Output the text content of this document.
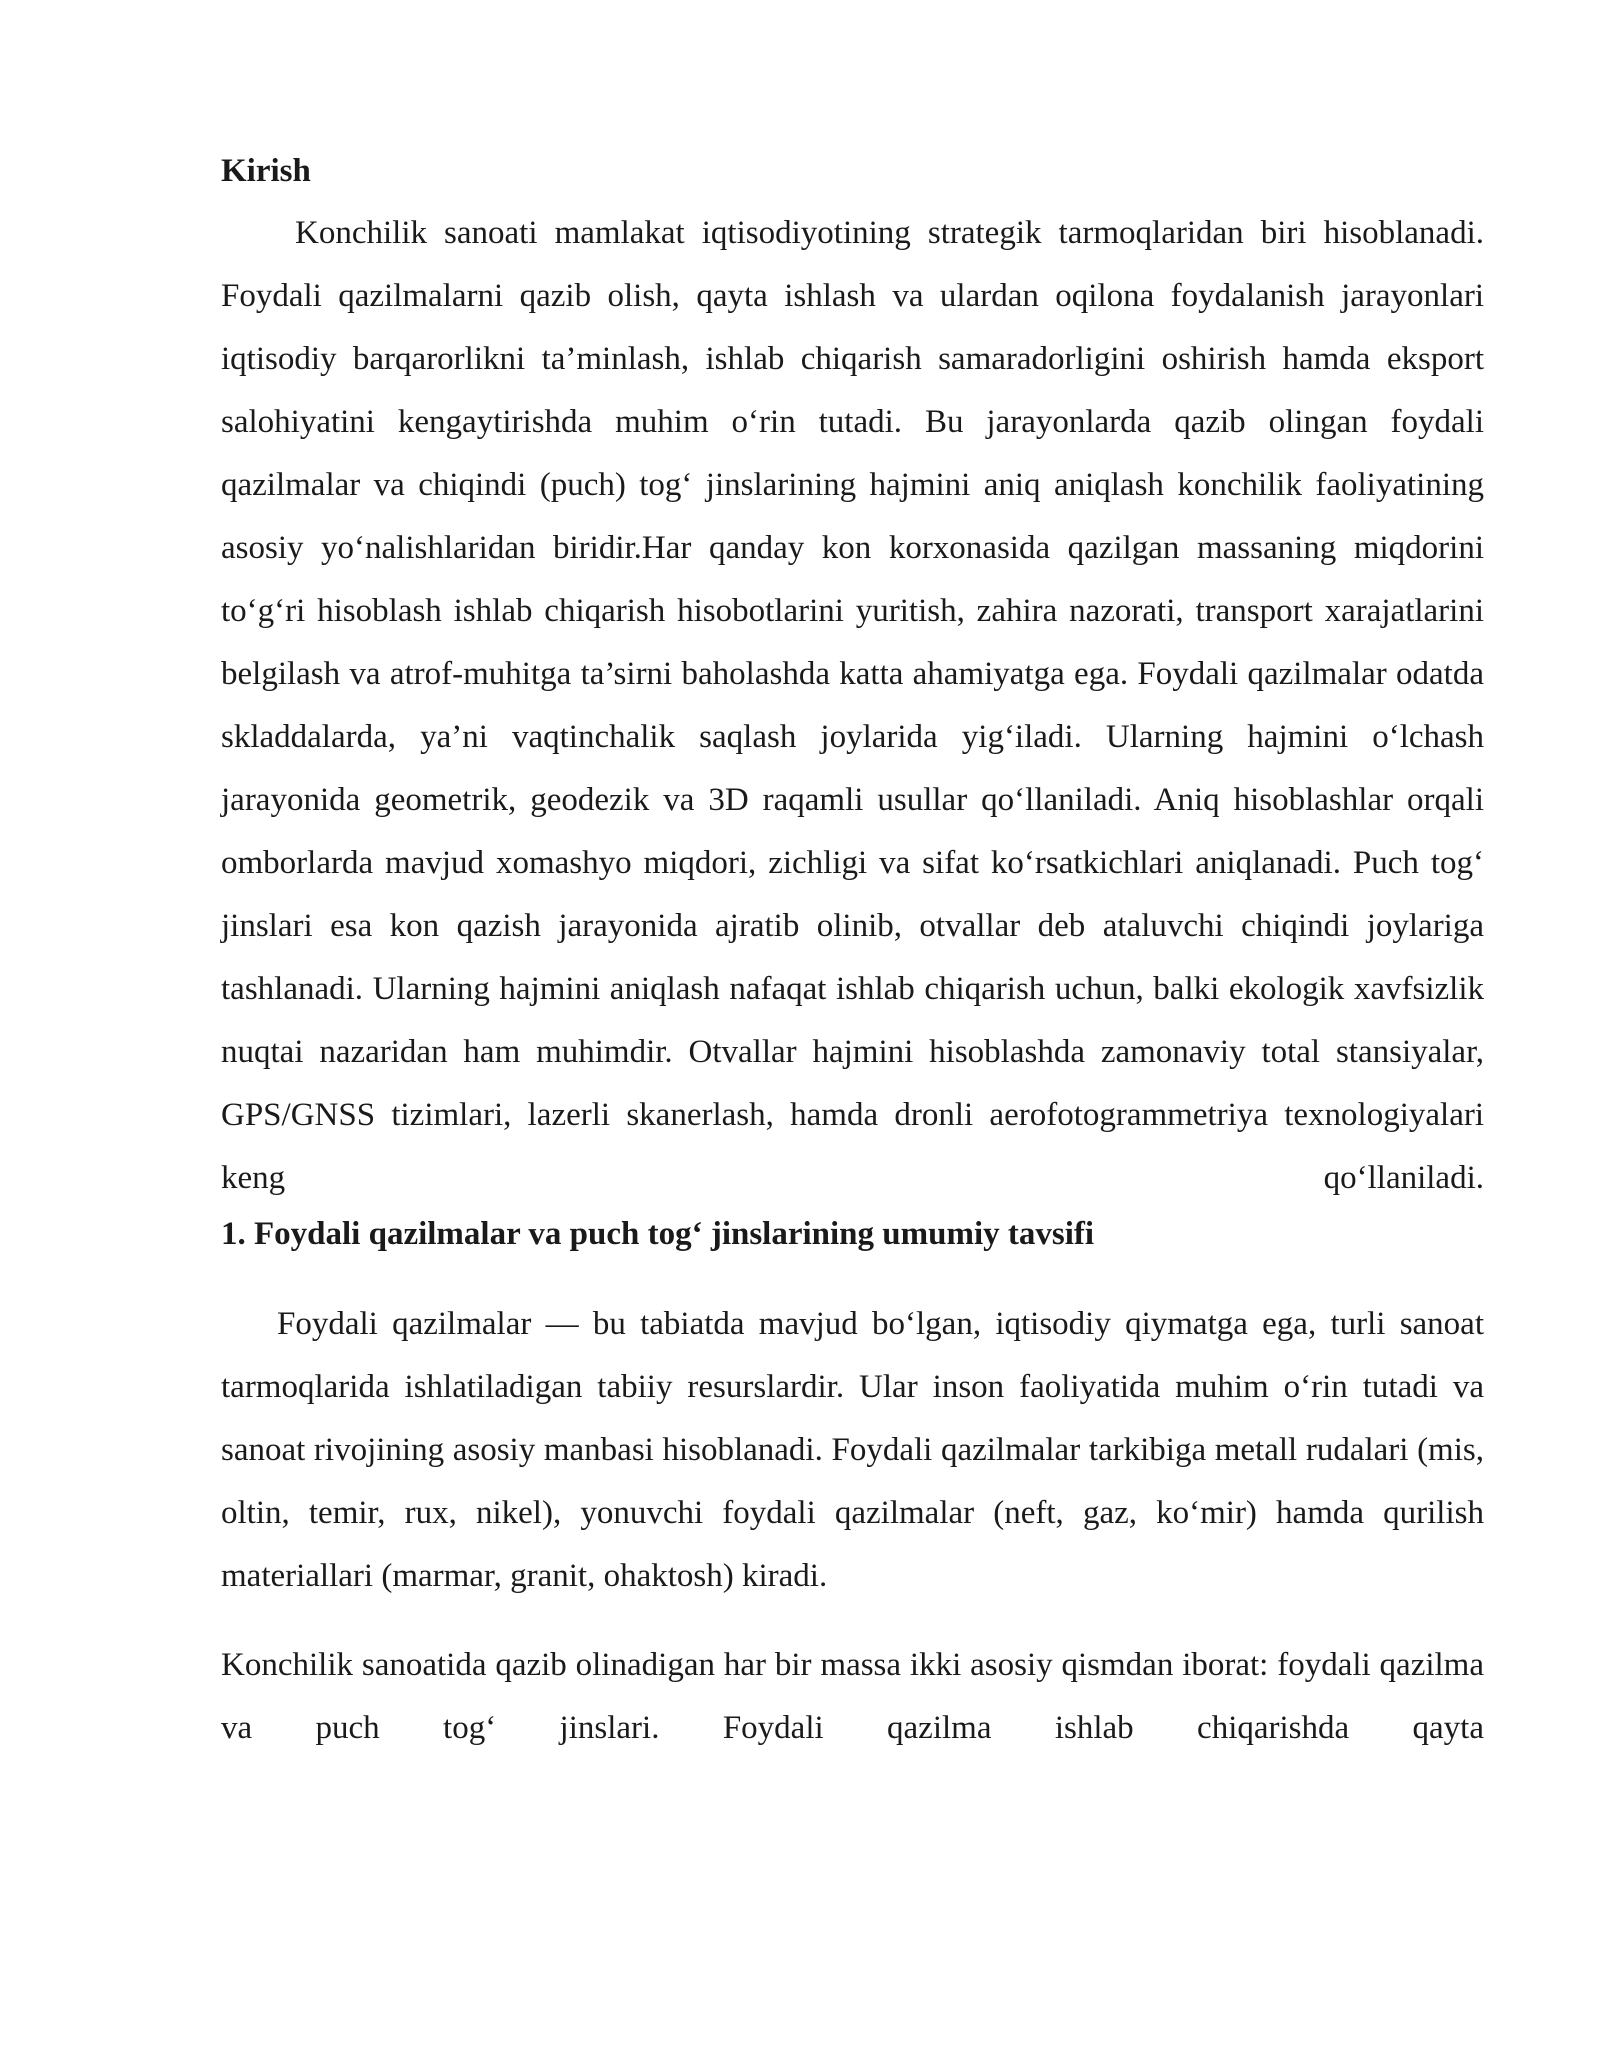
Kirish

Konchilik sanoati mamlakat iqtisodiyotining strategik tarmoqlaridan biri hisoblanadi. Foydali qazilmalarni qazib olish, qayta ishlash va ulardan oqilona foydalanish jarayonlari iqtisodiy barqarorlikni ta’minlash, ishlab chiqarish samaradorligini oshirish hamda eksport salohiyatini kengaytirishda muhim o‘rin tutadi. Bu jarayonlarda qazib olingan foydali qazilmalar va chiqindi (puch) tog‘ jinslarining hajmini aniq aniqlash konchilik faoliyatining asosiy yo‘nalishlaridan biridir.Har qanday kon korxonasida qazilgan massaning miqdorini to‘g‘ri hisoblash ishlab chiqarish hisobotlarini yuritish, zahira nazorati, transport xarajatlarini belgilash va atrof-muhitga ta’sirni baholashda katta ahamiyatga ega. Foydali qazilmalar odatda skladdalarda, ya’ni vaqtinchalik saqlash joylarida yig‘iladi. Ularning hajmini o‘lchash jarayonida geometrik, geodezik va 3D raqamli usullar qo‘llaniladi. Aniq hisoblashlar orqali omborlarda mavjud xomashyo miqdori, zichligi va sifat ko‘rsatkichlari aniqlanadi. Puch tog‘ jinslari esa kon qazish jarayonida ajratib olinib, otvallar deb ataluvchi chiqindi joylariga tashlanadi. Ularning hajmini aniqlash nafaqat ishlab chiqarish uchun, balki ekologik xavfsizlik nuqtai nazaridan ham muhimdir. Otvallar hajmini hisoblashda zamonaviy total stansiyalar, GPS/GNSS tizimlari, lazerli skanerlash, hamda dronli aerofotogrammetriya texnologiyalari keng qo‘llaniladi.

1. Foydali qazilmalar va puch tog‘ jinslarining umumiy tavsifi

Foydali qazilmalar — bu tabiatda mavjud bo‘lgan, iqtisodiy qiymatga ega, turli sanoat tarmoqlarida ishlatiladigan tabiiy resurslardir. Ular inson faoliyatida muhim o‘rin tutadi va sanoat rivojining asosiy manbasi hisoblanadi. Foydali qazilmalar tarkibiga metall rudalari (mis, oltin, temir, rux, nikel), yonuvchi foydali qazilmalar (neft, gaz, ko‘mir) hamda qurilish materiallari (marmar, granit, ohaktosh) kiradi.

Konchilik sanoatida qazib olinadigan har bir massa ikki asosiy qismdan iborat: foydali qazilma va puch tog‘ jinslari. Foydali qazilma ishlab chiqarishda qayta
